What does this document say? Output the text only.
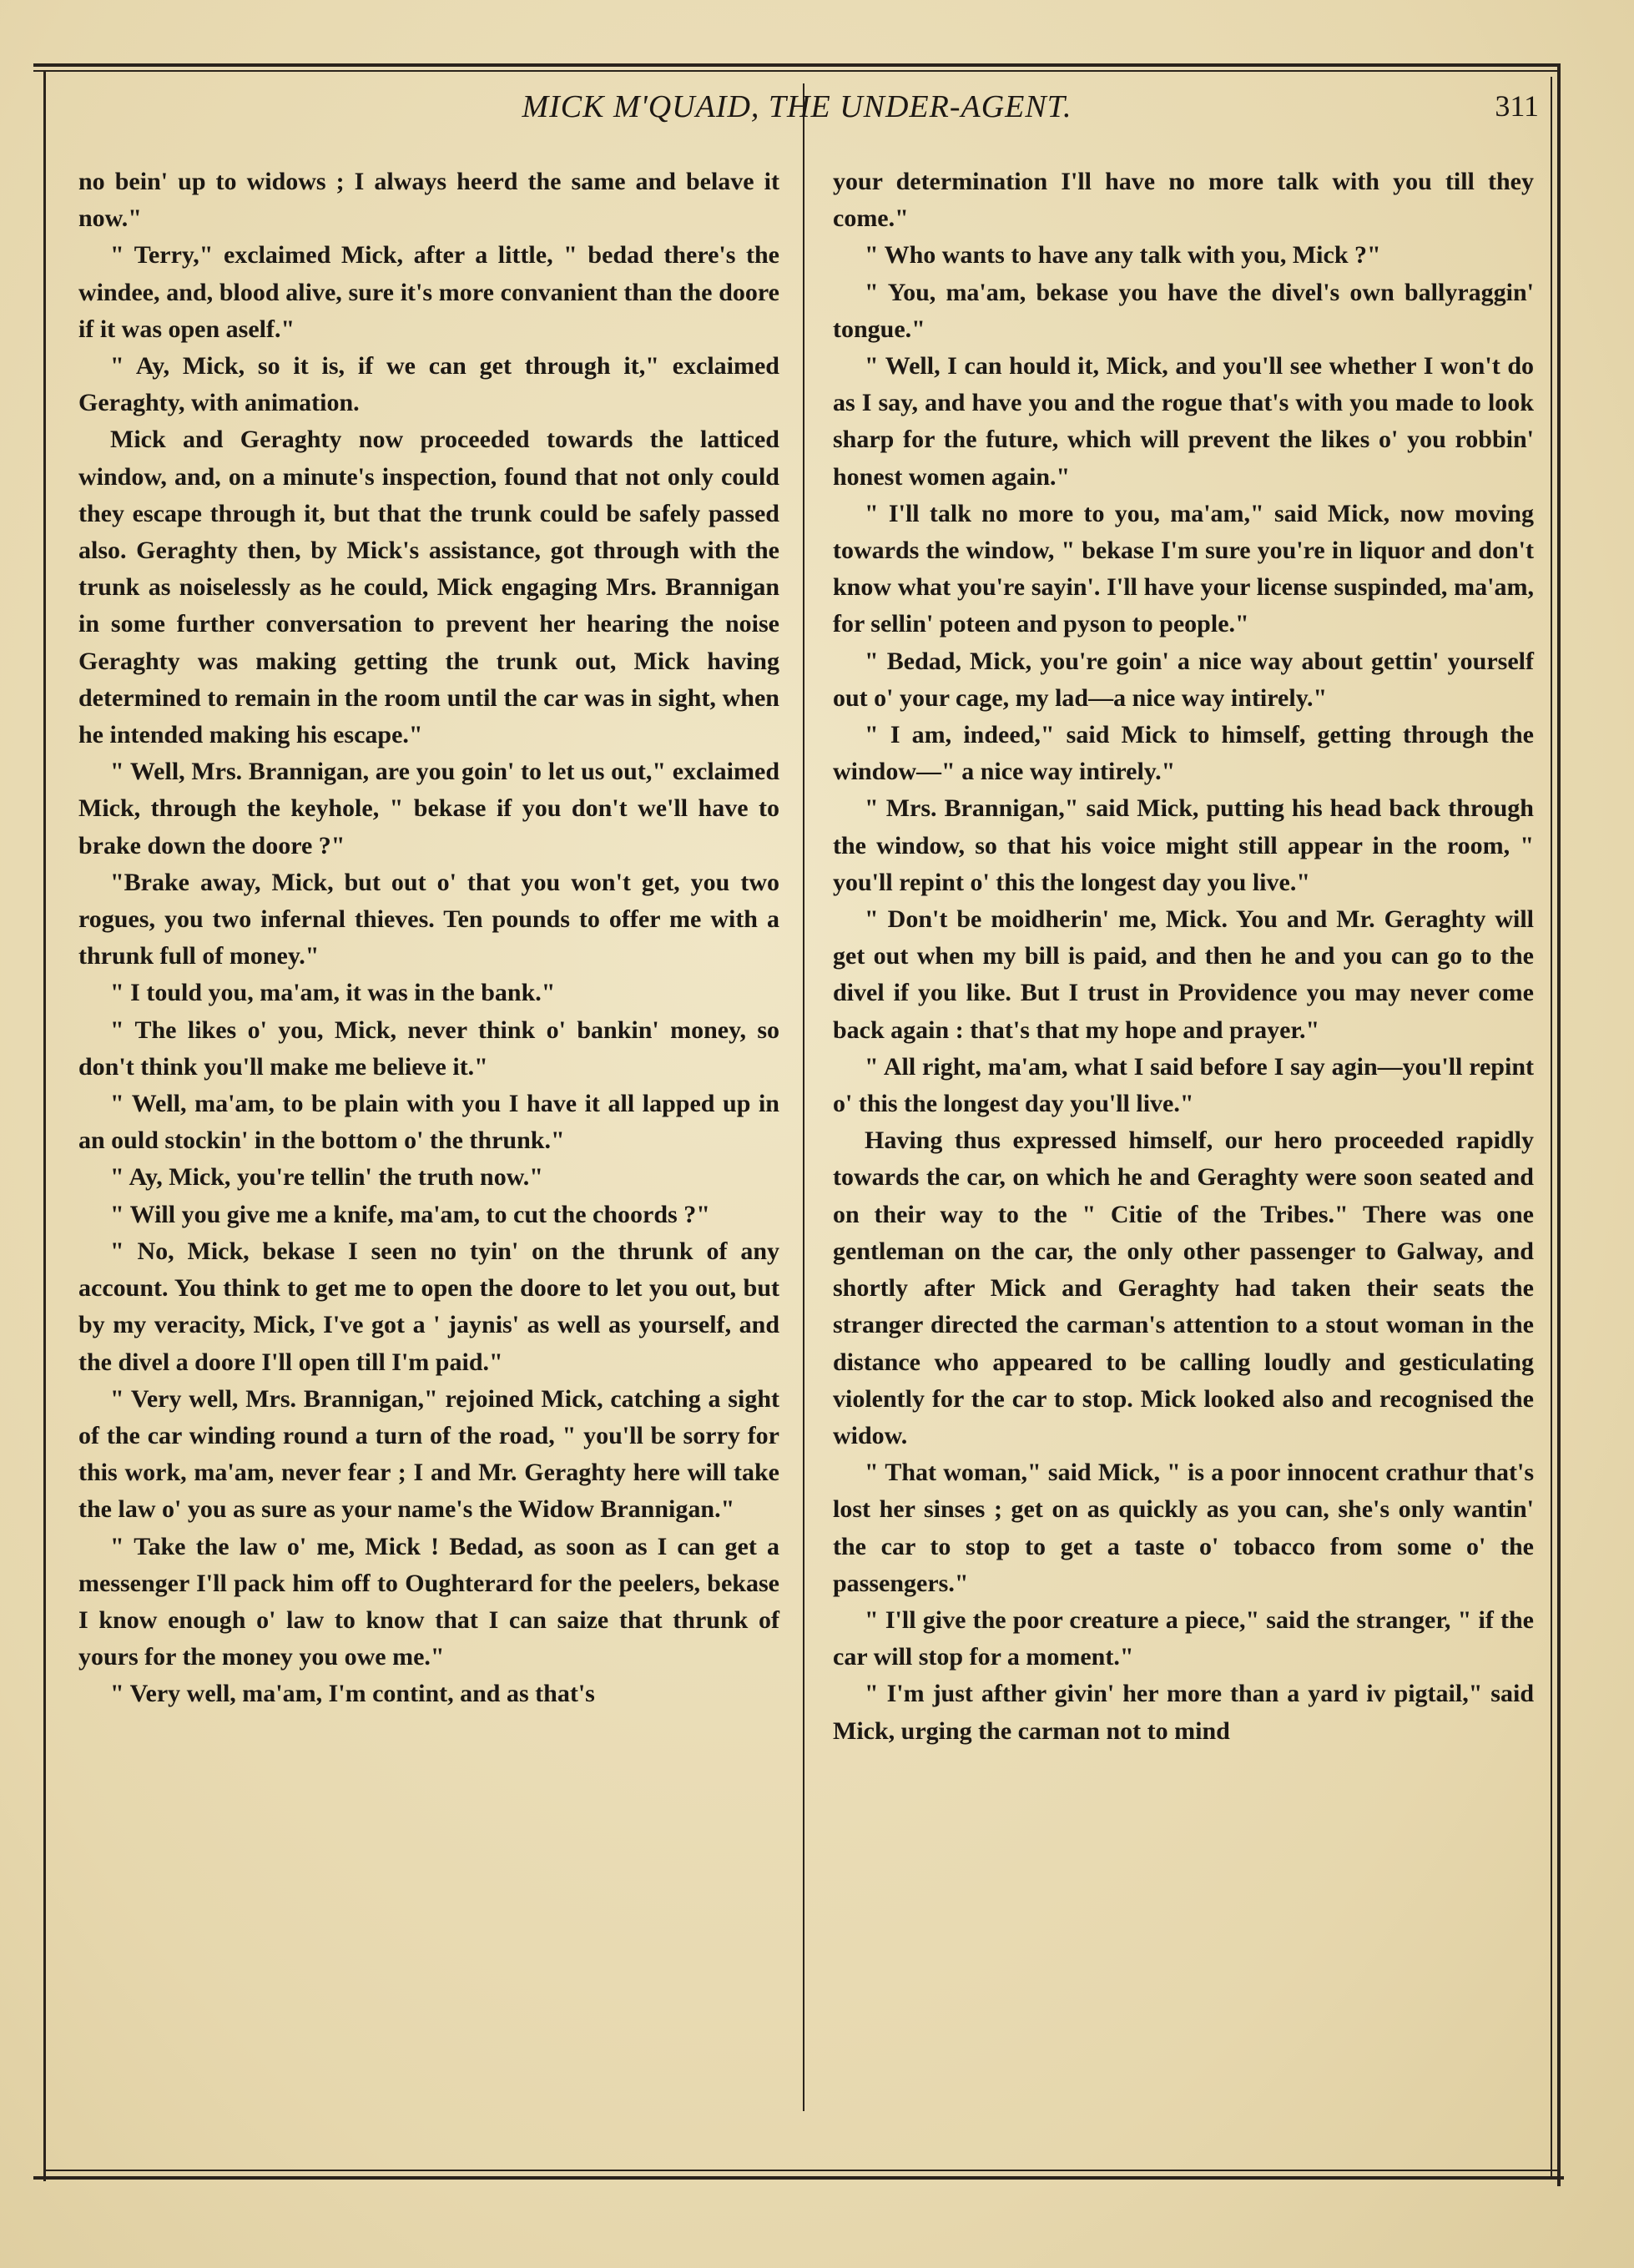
MICK M'QUAID, THE UNDER-AGENT.	311

no bein' up to widows ; I always heerd the same and belave it now."

" Terry," exclaimed Mick, after a little, " bedad there's the windee, and, blood alive, sure it's more convanient than the doore if it was open aself."

" Ay, Mick, so it is, if we can get through it," exclaimed Geraghty, with animation.

Mick and Geraghty now proceeded towards the latticed window, and, on a minute's inspection, found that not only could they escape through it, but that the trunk could be safely passed also. Geraghty then, by Mick's assistance, got through with the trunk as noiselessly as he could, Mick engaging Mrs. Brannigan in some further conversation to prevent her hearing the noise Geraghty was making getting the trunk out, Mick having determined to remain in the room until the car was in sight, when he intended making his escape."

" Well, Mrs. Brannigan, are you goin' to let us out," exclaimed Mick, through the keyhole, " bekase if you don't we'll have to brake down the doore ?"

"Brake away, Mick, but out o' that you won't get, you two rogues, you two infernal thieves. Ten pounds to offer me with a thrunk full of money."

" I tould you, ma'am, it was in the bank."

" The likes o' you, Mick, never think o' bankin' money, so don't think you'll make me believe it."

" Well, ma'am, to be plain with you I have it all lapped up in an ould stockin' in the bottom o' the thrunk."

" Ay, Mick, you're tellin' the truth now."

" Will you give me a knife, ma'am, to cut the choords ?"

" No, Mick, bekase I seen no tyin' on the thrunk of any account. You think to get me to open the doore to let you out, but by my veracity, Mick, I've got a ' jaynis' as well as yourself, and the divel a doore I'll open till I'm paid."

" Very well, Mrs. Brannigan," rejoined Mick, catching a sight of the car winding round a turn of the road, " you'll be sorry for this work, ma'am, never fear ; I and Mr. Geraghty here will take the law o' you as sure as your name's the Widow Brannigan."

" Take the law o' me, Mick ! Bedad, as soon as I can get a messenger I'll pack him off to Oughterard for the peelers, bekase I know enough o' law to know that I can saize that thrunk of yours for the money you owe me."

" Very well, ma'am, I'm contint, and as that's

your determination I'll have no more talk with you till they come."

" Who wants to have any talk with you, Mick ?"

" You, ma'am, bekase you have the divel's own ballyraggin' tongue."

" Well, I can hould it, Mick, and you'll see whether I won't do as I say, and have you and the rogue that's with you made to look sharp for the future, which will prevent the likes o' you robbin' honest women again."

" I'll talk no more to you, ma'am," said Mick, now moving towards the window, " bekase I'm sure you're in liquor and don't know what you're sayin'. I'll have your license suspinded, ma'am, for sellin' poteen and pyson to people."

" Bedad, Mick, you're goin' a nice way about gettin' yourself out o' your cage, my lad—a nice way intirely."

" I am, indeed," said Mick to himself, getting through the window—" a nice way intirely."

" Mrs. Brannigan," said Mick, putting his head back through the window, so that his voice might still appear in the room, " you'll repint o' this the longest day you live."

" Don't be moidherin' me, Mick. You and Mr. Geraghty will get out when my bill is paid, and then he and you can go to the divel if you like. But I trust in Providence you may never come back again : that's that my hope and prayer."

" All right, ma'am, what I said before I say agin—you'll repint o' this the longest day you'll live."

Having thus expressed himself, our hero proceeded rapidly towards the car, on which he and Geraghty were soon seated and on their way to the " Citie of the Tribes." There was one gentleman on the car, the only other passenger to Galway, and shortly after Mick and Geraghty had taken their seats the stranger directed the carman's attention to a stout woman in the distance who appeared to be calling loudly and gesticulating violently for the car to stop. Mick looked also and recognised the widow.

" That woman," said Mick, " is a poor innocent crathur that's lost her sinses ; get on as quickly as you can, she's only wantin' the car to stop to get a taste o' tobacco from some o' the passengers."

" I'll give the poor creature a piece," said the stranger, " if the car will stop for a moment."

" I'm just afther givin' her more than a yard iv pigtail," said Mick, urging the carman not to mind
